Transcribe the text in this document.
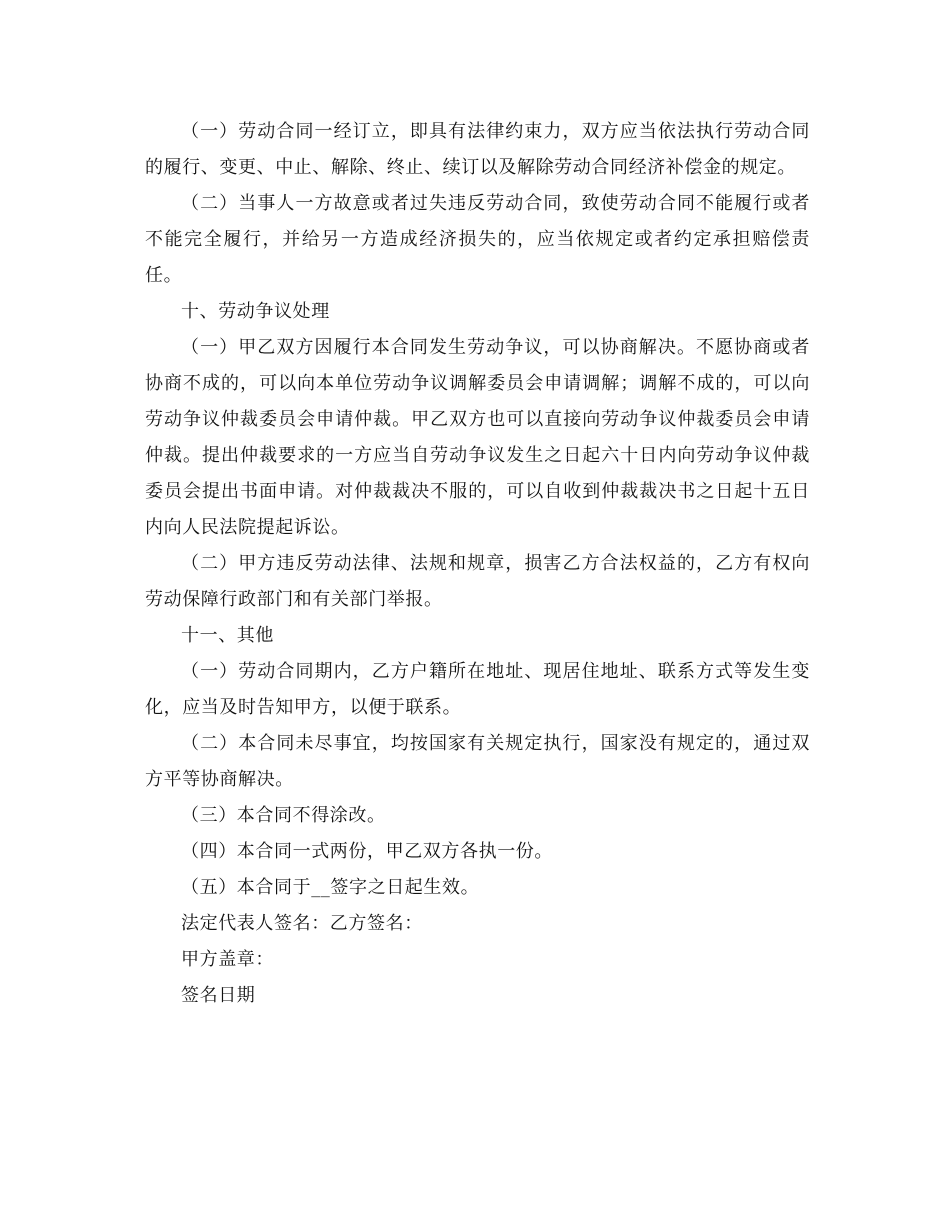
（一）劳动合同一经订立，即具有法律约束力，双方应当依法执行劳动合同的履行、变更、中止、解除、终止、续订以及解除劳动合同经济补偿金的规定。

（二）当事人一方故意或者过失违反劳动合同，致使劳动合同不能履行或者不能完全履行，并给另一方造成经济损失的，应当依规定或者约定承担赔偿责任。

十、劳动争议处理

（一）甲乙双方因履行本合同发生劳动争议，可以协商解决。不愿协商或者协商不成的，可以向本单位劳动争议调解委员会申请调解；调解不成的，可以向劳动争议仲裁委员会申请仲裁。甲乙双方也可以直接向劳动争议仲裁委员会申请仲裁。提出仲裁要求的一方应当自劳动争议发生之日起六十日内向劳动争议仲裁委员会提出书面申请。对仲裁裁决不服的，可以自收到仲裁裁决书之日起十五日内向人民法院提起诉讼。

（二）甲方违反劳动法律、法规和规章，损害乙方合法权益的，乙方有权向劳动保障行政部门和有关部门举报。

十一、其他

（一）劳动合同期内，乙方户籍所在地址、现居住地址、联系方式等发生变化，应当及时告知甲方，以便于联系。

（二）本合同未尽事宜，均按国家有关规定执行，国家没有规定的，通过双方平等协商解决。

（三）本合同不得涂改。

（四）本合同一式两份，甲乙双方各执一份。

（五）本合同于__签字之日起生效。

法定代表人签名：乙方签名：

甲方盖章：

签名日期
